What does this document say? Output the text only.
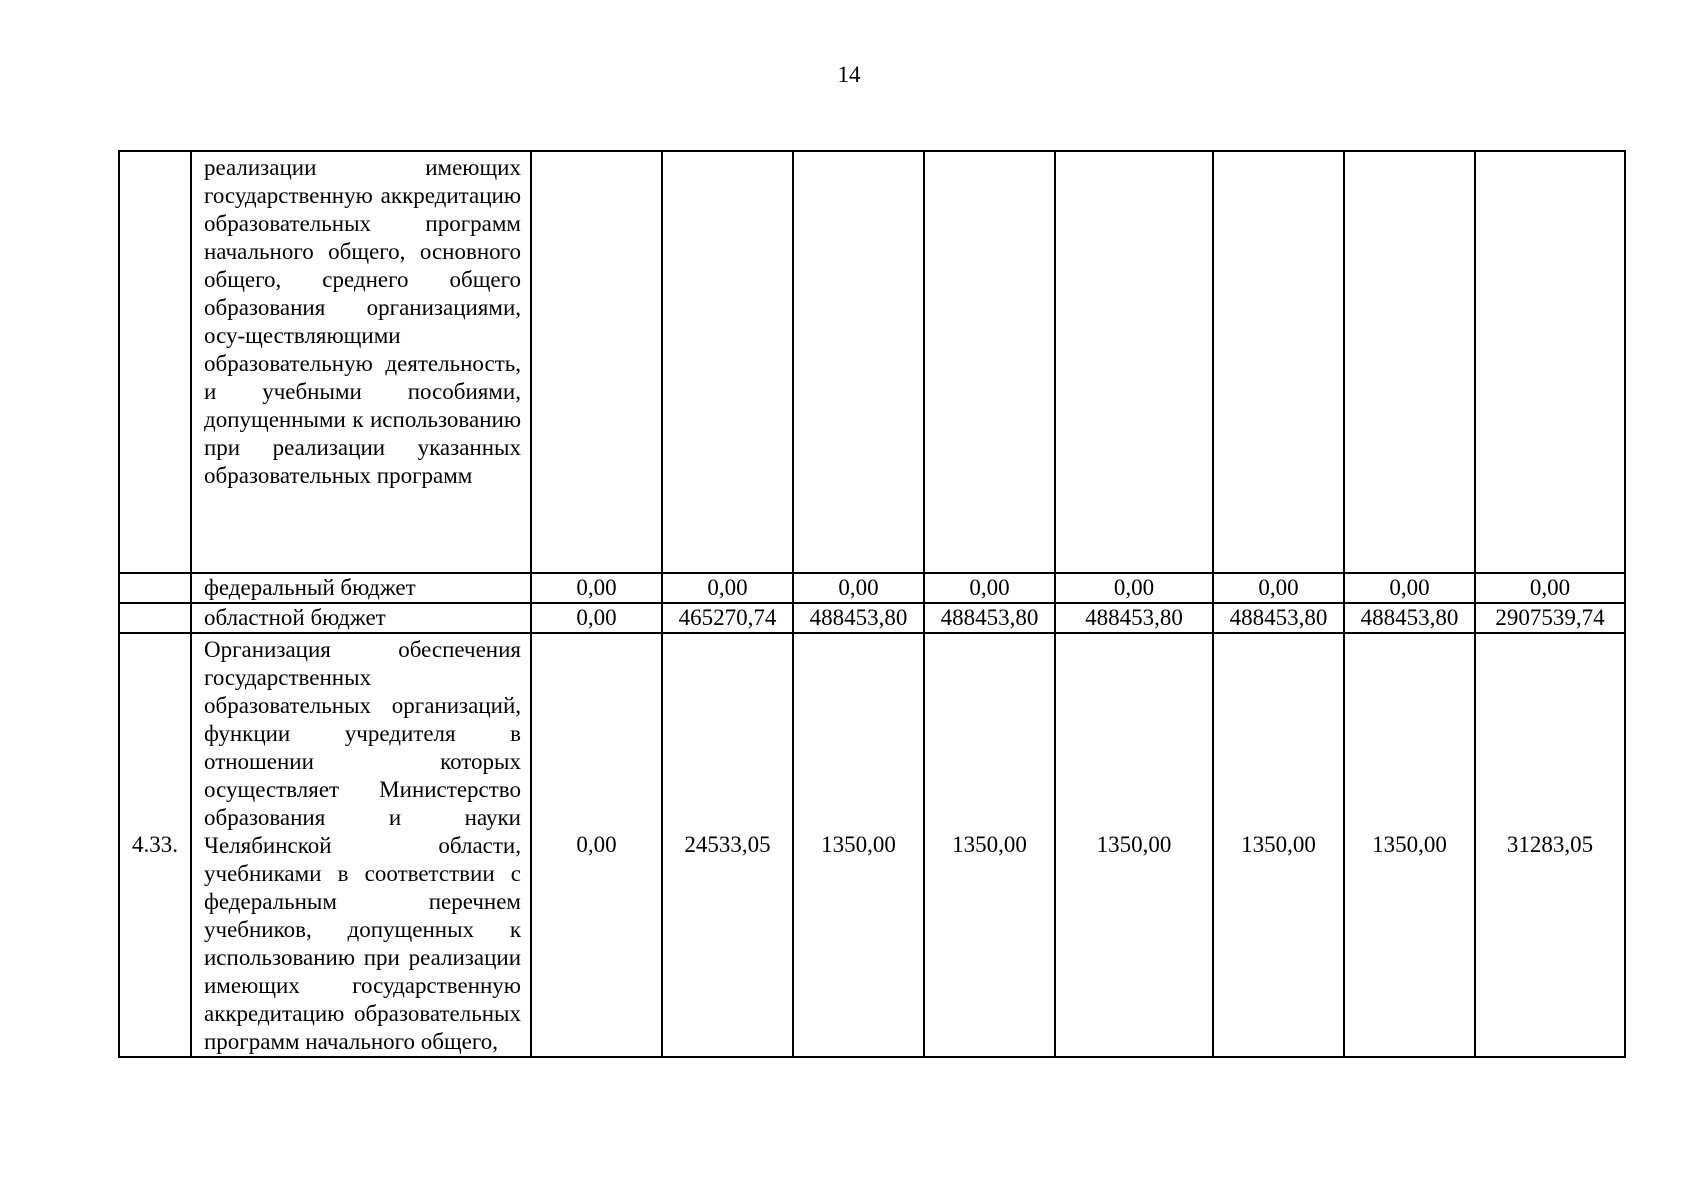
14
	реализации имеющих государственную аккредитацию образовательных программ начального общего, основного общего, среднего общего образования организациями, осу-ществляющими образовательную деятельность, и учебными пособиями, допущенными к использованию при реализации указанных образовательных программ								
	федеральный бюджет	0,00	0,00	0,00	0,00	0,00	0,00	0,00	0,00
	областной бюджет	0,00	465270,74	488453,80	488453,80	488453,80	488453,80	488453,80	2907539,74
4.33.	Организация обеспечения государственных образовательных организаций, функции учредителя в отношении которых осуществляет Министерство образования и науки Челябинской области, учебниками в соответствии с федеральным перечнем учебников, допущенных к использованию при реализации имеющих государственную аккредитацию образовательных программ начального общего,	0,00	24533,05	1350,00	1350,00	1350,00	1350,00	1350,00	31283,05
